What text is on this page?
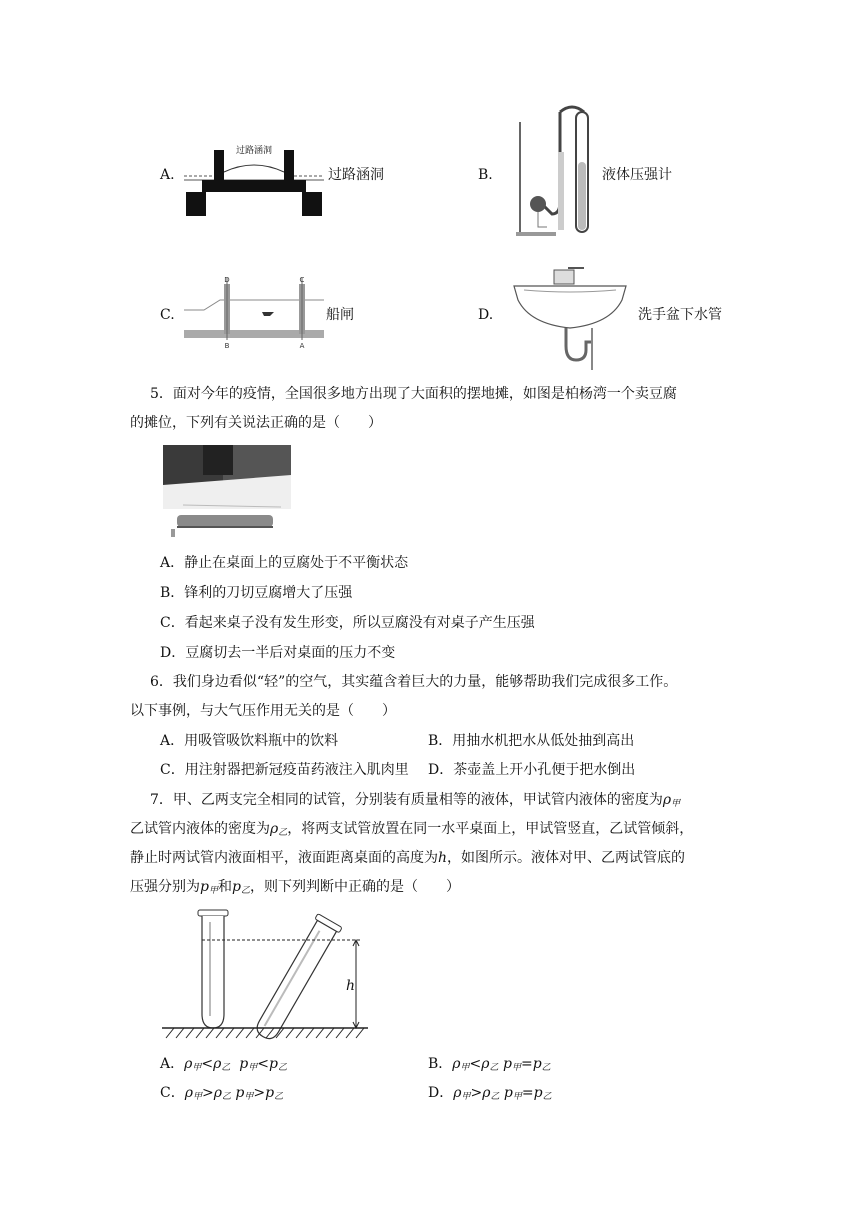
A.
过路涵洞
过路涵洞	B.	液体压强计
C.
D	C
B	A
船闸	D.	洗手盆下水管
5．面对今年的疫情，全国很多地方出现了大面积的摆地摊，如图是柏杨湾一个卖豆腐
的摊位，下列有关说法正确的是（　　）
A．静止在桌面上的豆腐处于不平衡状态
B．锋利的刀切豆腐增大了压强
C．看起来桌子没有发生形变，所以豆腐没有对桌子产生压强
D．豆腐切去一半后对桌面的压力不变
6．我们身边看似“轻”的空气，其实蕴含着巨大的力量，能够帮助我们完成很多工作。
以下事例，与大气压作用无关的是（　　）
A．用吸管吸饮料瓶中的饮料	B．用抽水机把水从低处抽到高出
C．用注射器把新冠疫苗药液注入肌肉里 D．茶壶盖上开小孔便于把水倒出
7．甲、乙两支完全相同的试管，分别装有质量相等的液体，甲试管内液体的密度为$\rho_甲$
乙试管内液体的密度为$\rho_乙$，将两支试管放置在同一水平桌面上，甲试管竖直，乙试管倾斜，
静止时两试管内液面相平，液面距离桌面的高度为h，如图所示。液体对甲、乙两试管底的
压强分别为$p_甲$和$p_乙$，则下列判断中正确的是（　　）
h
A．$\rho_甲<\rho_乙$ $p_甲<p_乙$	B．$\rho_甲<\rho_乙$ $p_甲=p_乙$
C．$\rho_甲>\rho_乙$ $p_甲>p_乙$	D．$\rho_甲>\rho_乙$ $p_甲=p_乙$
